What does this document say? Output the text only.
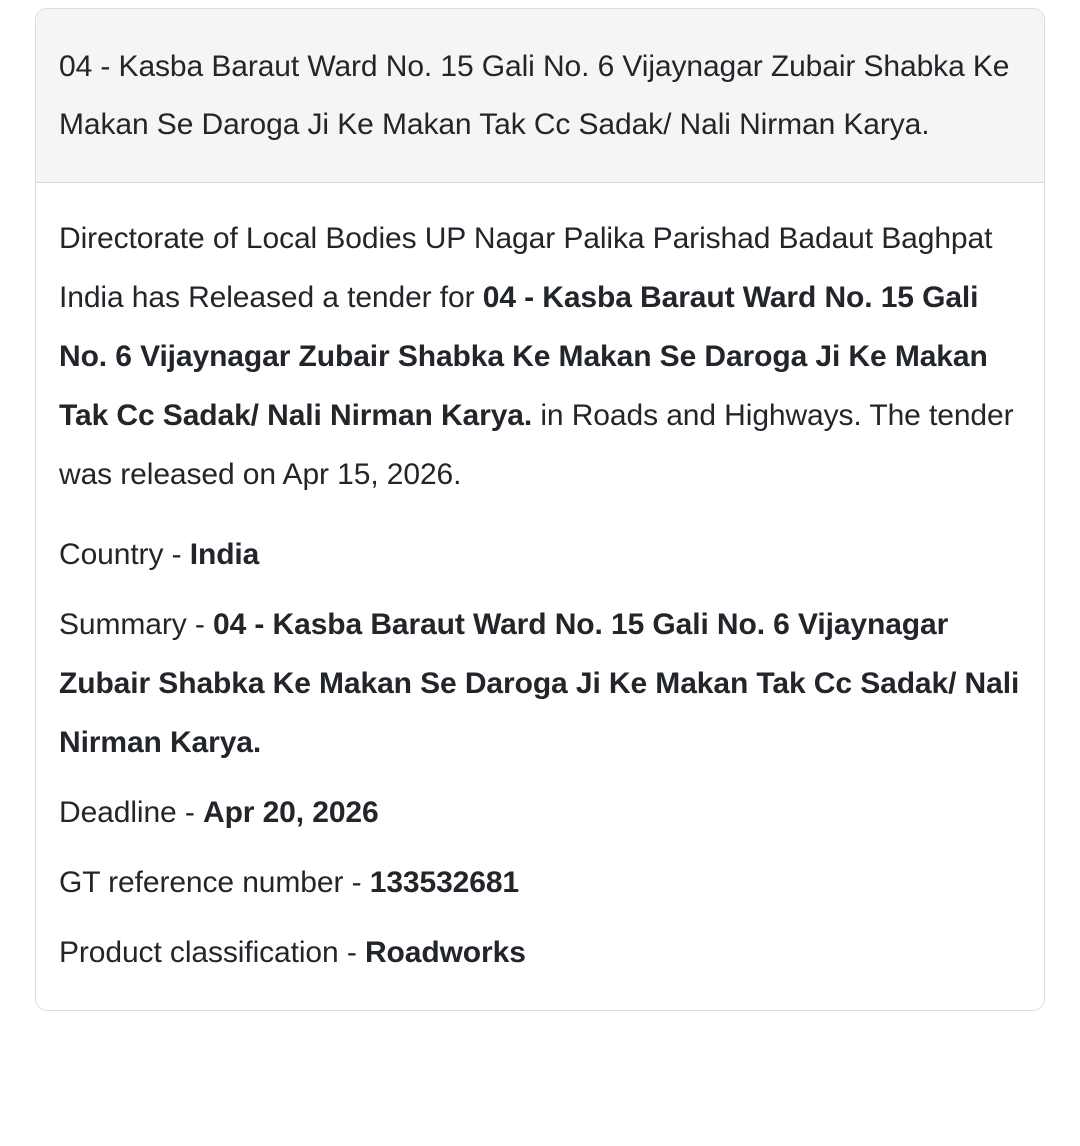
04 - Kasba Baraut Ward No. 15 Gali No. 6 Vijaynagar Zubair Shabka Ke Makan Se Daroga Ji Ke Makan Tak Cc Sadak/ Nali Nirman Karya.

Directorate of Local Bodies UP Nagar Palika Parishad Badaut Baghpat India has Released a tender for 04 - Kasba Baraut Ward No. 15 Gali No. 6 Vijaynagar Zubair Shabka Ke Makan Se Daroga Ji Ke Makan Tak Cc Sadak/ Nali Nirman Karya. in Roads and Highways. The tender was released on Apr 15, 2026.

Country - India
Summary - 04 - Kasba Baraut Ward No. 15 Gali No. 6 Vijaynagar Zubair Shabka Ke Makan Se Daroga Ji Ke Makan Tak Cc Sadak/ Nali Nirman Karya.
Deadline - Apr 20, 2026
GT reference number - 133532681
Product classification - Roadworks
